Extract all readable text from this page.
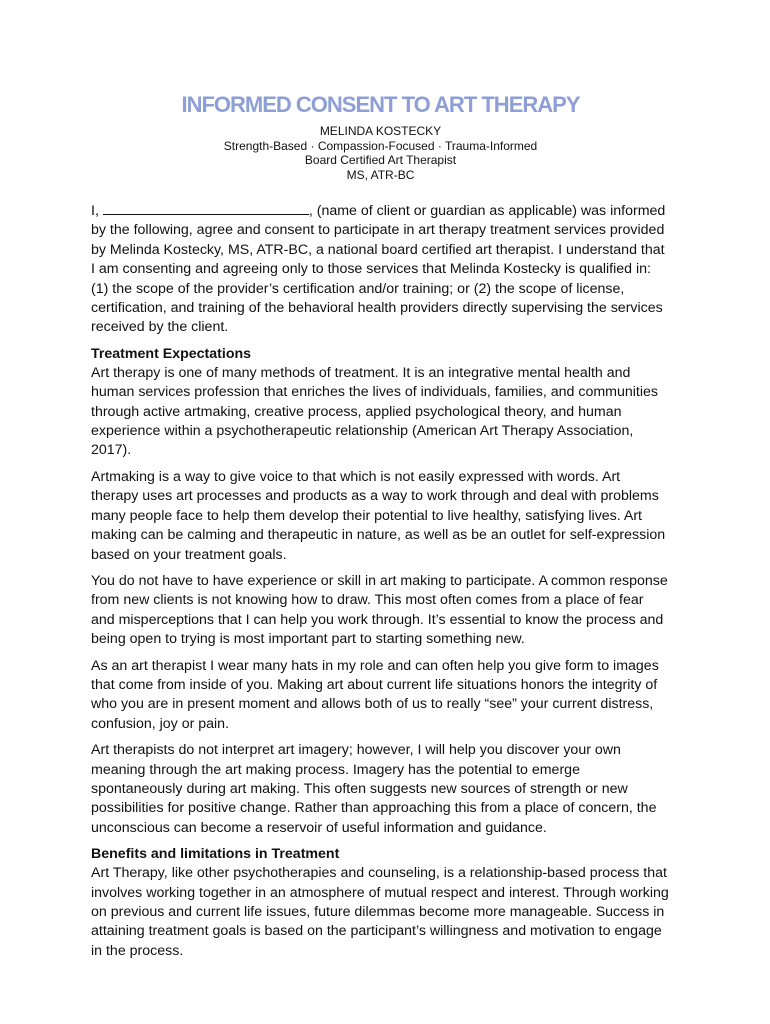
INFORMED CONSENT TO ART THERAPY
MELINDA KOSTECKY
Strength-Based · Compassion-Focused · Trauma-Informed
Board Certified Art Therapist
MS, ATR-BC

I,	, (name of client or guardian as applicable) was informed by the following, agree and consent to participate in art therapy treatment services provided by Melinda Kostecky, MS, ATR-BC, a national board certified art therapist. I understand that I am consenting and agreeing only to those services that Melinda Kostecky is qualified in: (1) the scope of the provider’s certification and/or training; or (2) the scope of license, certification, and training of the behavioral health providers directly supervising the services received by the client.

Treatment Expectations

Art therapy is one of many methods of treatment. It is an integrative mental health and human services profession that enriches the lives of individuals, families, and communities through active artmaking, creative process, applied psychological theory, and human experience within a psychotherapeutic relationship (American Art Therapy Association, 2017).

Artmaking is a way to give voice to that which is not easily expressed with words. Art therapy uses art processes and products as a way to work through and deal with problems many people face to help them develop their potential to live healthy, satisfying lives. Art making can be calming and therapeutic in nature, as well as be an outlet for self-expression based on your treatment goals.

You do not have to have experience or skill in art making to participate. A common response from new clients is not knowing how to draw. This most often comes from a place of fear and misperceptions that I can help you work through. It’s essential to know the process and being open to trying is most important part to starting something new.

As an art therapist I wear many hats in my role and can often help you give form to images that come from inside of you. Making art about current life situations honors the integrity of who you are in present moment and allows both of us to really “see” your current distress, confusion, joy or pain.

Art therapists do not interpret art imagery; however, I will help you discover your own meaning through the art making process. Imagery has the potential to emerge spontaneously during art making. This often suggests new sources of strength or new possibilities for positive change. Rather than approaching this from a place of concern, the unconscious can become a reservoir of useful information and guidance.

Benefits and limitations in Treatment

Art Therapy, like other psychotherapies and counseling, is a relationship-based process that involves working together in an atmosphere of mutual respect and interest. Through working on previous and current life issues, future dilemmas become more manageable. Success in attaining treatment goals is based on the participant’s willingness and motivation to engage in the process.
